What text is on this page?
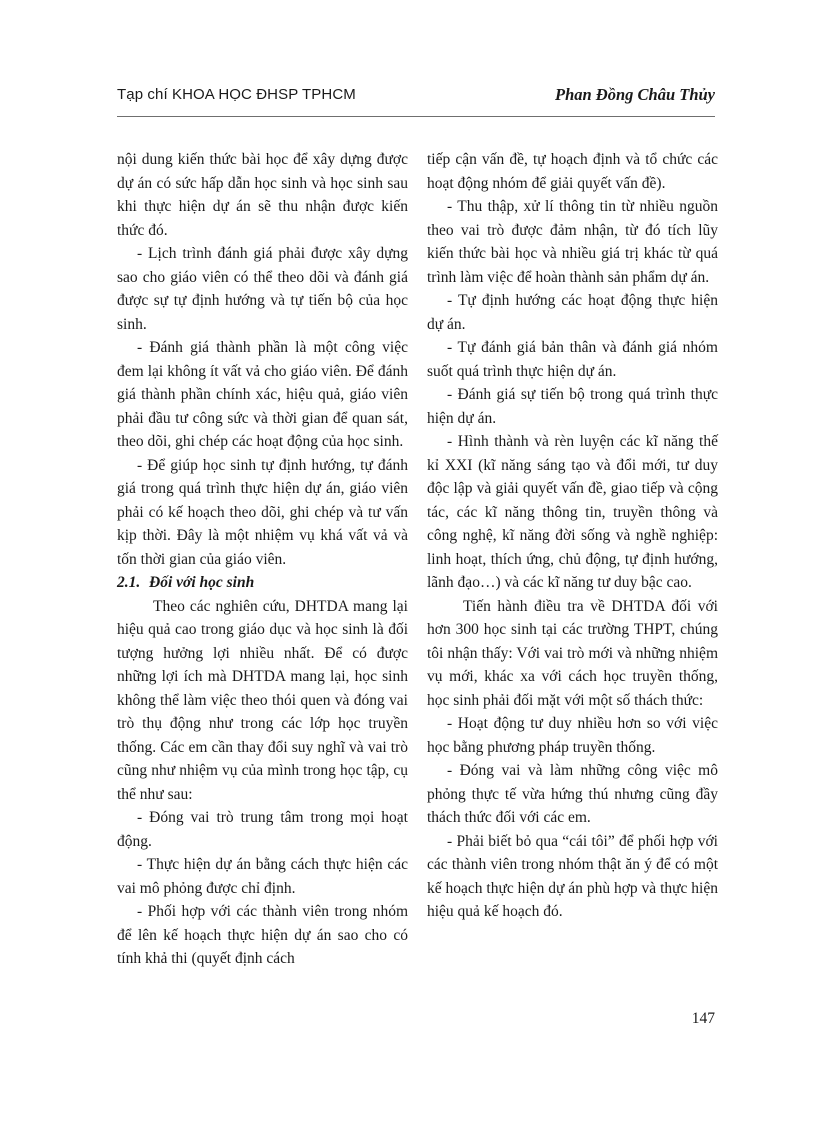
Tạp chí KHOA HỌC ĐHSP TPHCM	Phan Đồng Châu Thủy

nội dung kiến thức bài học để xây dựng được dự án có sức hấp dẫn học sinh và học sinh sau khi thực hiện dự án sẽ thu nhận được kiến thức đó.

- Lịch trình đánh giá phải được xây dựng sao cho giáo viên có thể theo dõi và đánh giá được sự tự định hướng và tự tiến bộ của học sinh.

- Đánh giá thành phần là một công việc đem lại không ít vất vả cho giáo viên. Để đánh giá thành phần chính xác, hiệu quả, giáo viên phải đầu tư công sức và thời gian để quan sát, theo dõi, ghi chép các hoạt động của học sinh.

- Để giúp học sinh tự định hướng, tự đánh giá trong quá trình thực hiện dự án, giáo viên phải có kế hoạch theo dõi, ghi chép và tư vấn kịp thời. Đây là một nhiệm vụ khá vất vả và tốn thời gian của giáo viên.

2.1. Đối với học sinh

Theo các nghiên cứu, DHTDA mang lại hiệu quả cao trong giáo dục và học sinh là đối tượng hưởng lợi nhiều nhất. Để có được những lợi ích mà DHTDA mang lại, học sinh không thể làm việc theo thói quen và đóng vai trò thụ động như trong các lớp học truyền thống. Các em cần thay đổi suy nghĩ và vai trò cũng như nhiệm vụ của mình trong học tập, cụ thể như sau:

- Đóng vai trò trung tâm trong mọi hoạt động.

- Thực hiện dự án bằng cách thực hiện các vai mô phỏng được chỉ định.

- Phối hợp với các thành viên trong nhóm để lên kế hoạch thực hiện dự án sao cho có tính khả thi (quyết định cách

tiếp cận vấn đề, tự hoạch định và tổ chức các hoạt động nhóm để giải quyết vấn đề).

- Thu thập, xử lí thông tin từ nhiều nguồn theo vai trò được đảm nhận, từ đó tích lũy kiến thức bài học và nhiều giá trị khác từ quá trình làm việc để hoàn thành sản phẩm dự án.

- Tự định hướng các hoạt động thực hiện dự án.

- Tự đánh giá bản thân và đánh giá nhóm suốt quá trình thực hiện dự án.

- Đánh giá sự tiến bộ trong quá trình thực hiện dự án.

- Hình thành và rèn luyện các kĩ năng thế kỉ XXI (kĩ năng sáng tạo và đổi mới, tư duy độc lập và giải quyết vấn đề, giao tiếp và cộng tác, các kĩ năng thông tin, truyền thông và công nghệ, kĩ năng đời sống và nghề nghiệp: linh hoạt, thích ứng, chủ động, tự định hướng, lãnh đạo…) và các kĩ năng tư duy bậc cao.

Tiến hành điều tra về DHTDA đối với hơn 300 học sinh tại các trường THPT, chúng tôi nhận thấy: Với vai trò mới và những nhiệm vụ mới, khác xa với cách học truyền thống, học sinh phải đối mặt với một số thách thức:

- Hoạt động tư duy nhiều hơn so với việc học bằng phương pháp truyền thống.

- Đóng vai và làm những công việc mô phỏng thực tế vừa hứng thú nhưng cũng đầy thách thức đối với các em.

- Phải biết bỏ qua “cái tôi” để phối hợp với các thành viên trong nhóm thật ăn ý để có một kế hoạch thực hiện dự án phù hợp và thực hiện hiệu quả kế hoạch đó.

147
